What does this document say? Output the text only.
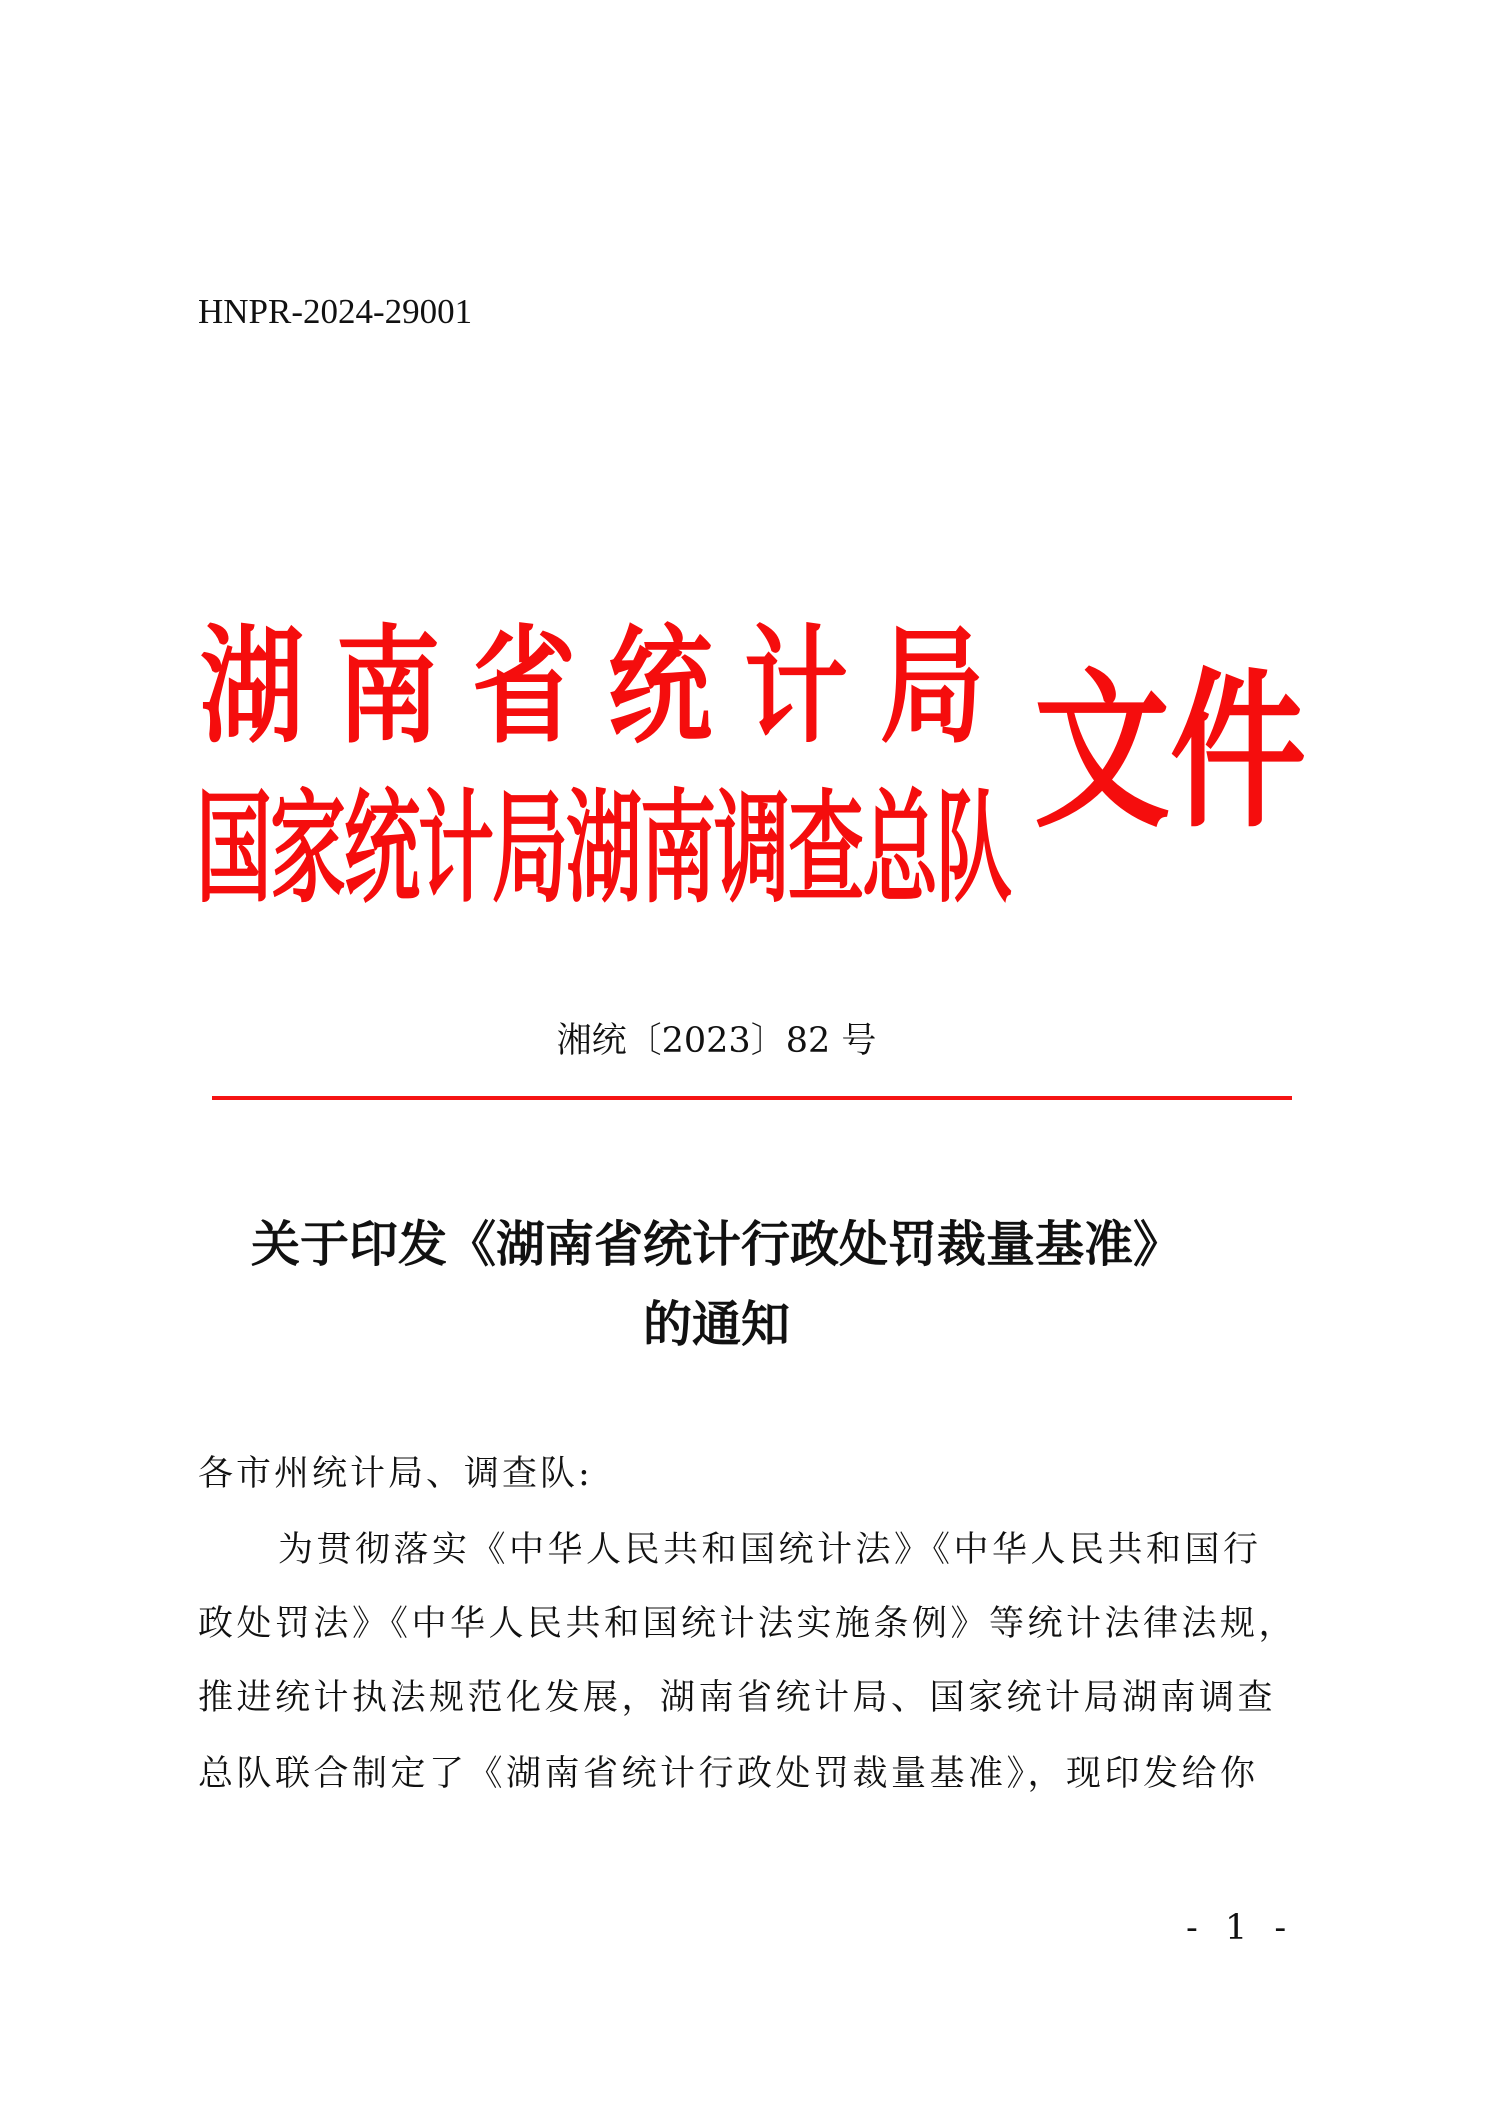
HNPR-2024-29001
湖南省统计局
国家统计局湖南调查总队 文件
湘统〔2023〕82 号
关于印发《湖南省统计行政处罚裁量基准》
的通知
各市州统计局、调查队:
为贯彻落实《中华人民共和国统计法》《中华人民共和国行
政处罚法》《中华人民共和国统计法实施条例》等统计法律法规，
推进统计执法规范化发展，湖南省统计局、国家统计局湖南调查
总队联合制定了《湖南省统计行政处罚裁量基准》，现印发给你
- 1 -
